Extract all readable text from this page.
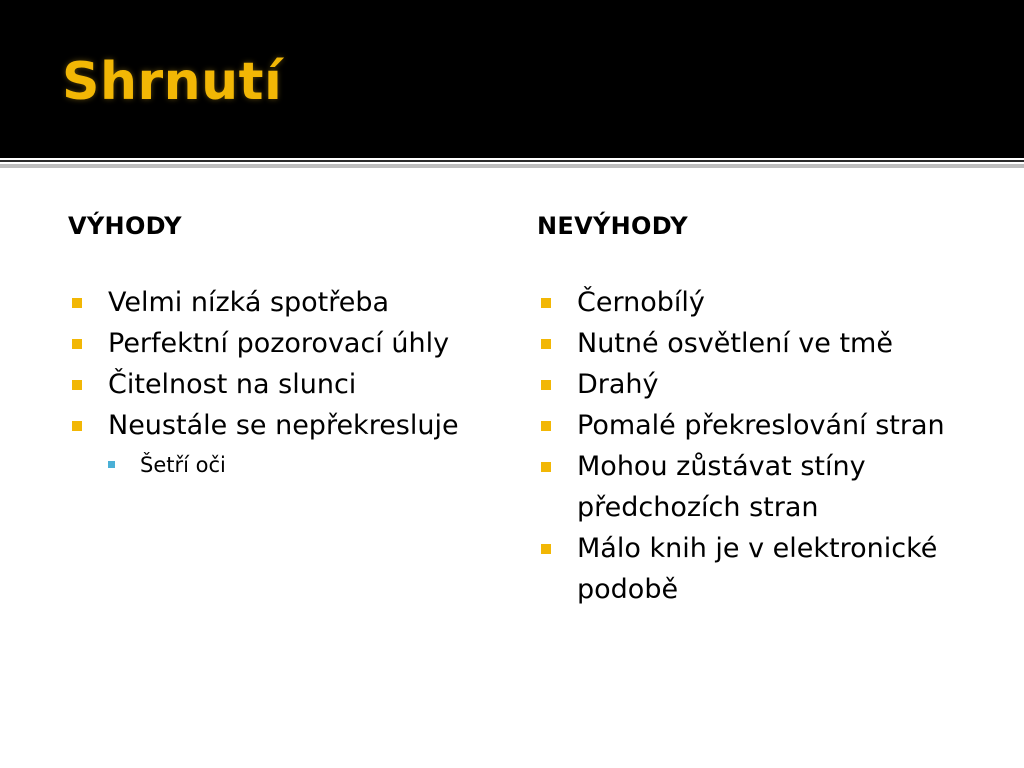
Shrnutí
VÝHODY
Velmi nízká spotřeba
Perfektní pozorovací úhly
Čitelnost na slunci
Neustále se nepřekresluje
Šetří oči
NEVÝHODY
Černobílý
Nutné osvětlení ve tmě
Drahý
Pomalé překreslování stran
Mohou zůstávat stíny předchozích stran
Málo knih je v elektronické podobě
